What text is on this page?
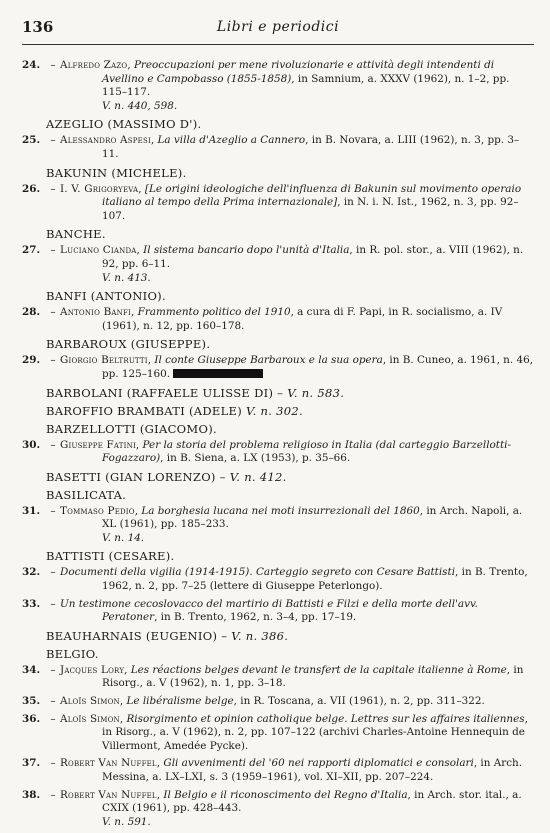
136	Libri e periodici
24. – Alfredo Zazo, Preoccupazioni per mene rivoluzionarie e attività degli intendenti di Avellino e Campobasso (1855-1858), in Samnium, a. XXXV (1962), n. 1–2, pp. 115–117.
V. n. 440, 598.
AZEGLIO (MASSIMO D').
25. – Alessandro Aspesi, La villa d'Azeglio a Cannero, in B. Novara, a. LIII (1962), n. 3, pp. 3–11.
BAKUNIN (MICHELE).
26. – I. V. Grigoryeva, [Le origini ideologiche dell'influenza di Bakunin sul movimento operaio italiano al tempo della Prima internazionale], in N. i. N. Ist., 1962, n. 3, pp. 92–107.
BANCHE.
27. – Luciano Cianda, Il sistema bancario dopo l'unità d'Italia, in R. pol. stor., a. VIII (1962), n. 92, pp. 6–11.
V. n. 413.
BANFI (ANTONIO).
28. – Antonio Banfi, Frammento politico del 1910, a cura di F. Papi, in R. socialismo, a. IV (1961), n. 12, pp. 160–178.
BARBAROUX (GIUSEPPE).
29. – Giorgio Beltrutti, Il conte Giuseppe Barbaroux e la sua opera, in B. Cuneo, a. 1961, n. 46, pp. 125–160.
BARBOLANI (RAFFAELE ULISSE DI) – V. n. 583.
BAROFFIO BRAMBATI (ADELE) V. n. 302.
BARZELLOTTI (GIACOMO).
30. – Giuseppe Fatini, Per la storia del problema religioso in Italia (dal carteggio Barzellotti-Fogazzaro), in B. Siena, a. LX (1953), p. 35–66.
BASETTI (GIAN LORENZO) – V. n. 412.
BASILICATA.
31. – Tommaso Pedio, La borghesia lucana nei moti insurrezionali del 1860, in Arch. Napoli, a. XL (1961), pp. 185–233.
V. n. 14.
BATTISTI (CESARE).
32. – Documenti della vigilia (1914-1915). Carteggio segreto con Cesare Battisti, in B. Trento, 1962, n. 2, pp. 7–25 (lettere di Giuseppe Peterlongo).
33. – Un testimone cecoslovacco del martirio di Battisti e Filzi e della morte dell'avv. Peratoner, in B. Trento, 1962, n. 3–4, pp. 17–19.
BEAUHARNAIS (EUGENIO) – V. n. 386.
BELGIO.
34. – Jacques Lory, Les réactions belges devant le transfert de la capitale italienne à Rome, in Risorg., a. V (1962), n. 1, pp. 3–18.
35. – Aloïs Simon, Le libéralisme belge, in R. Toscana, a. VII (1961), n. 2, pp. 311–322.
36. – Aloïs Simon, Risorgimento et opinion catholique belge. Lettres sur les affaires italiennes, in Risorg., a. V (1962), n. 2, pp. 107–122 (archivi Charles-Antoine Hennequin de Villermont, Amedée Pycke).
37. – Robert Van Nuffel, Gli avvenimenti del '60 nei rapporti diplomatici e consolari, in Arch. Messina, a. LX–LXI, s. 3 (1959–1961), vol. XI–XII, pp. 207–224.
38. – Robert Van Nuffel, Il Belgio e il riconoscimento del Regno d'Italia, in Arch. stor. ital., a. CXIX (1961), pp. 428–443.
V. n. 591.
